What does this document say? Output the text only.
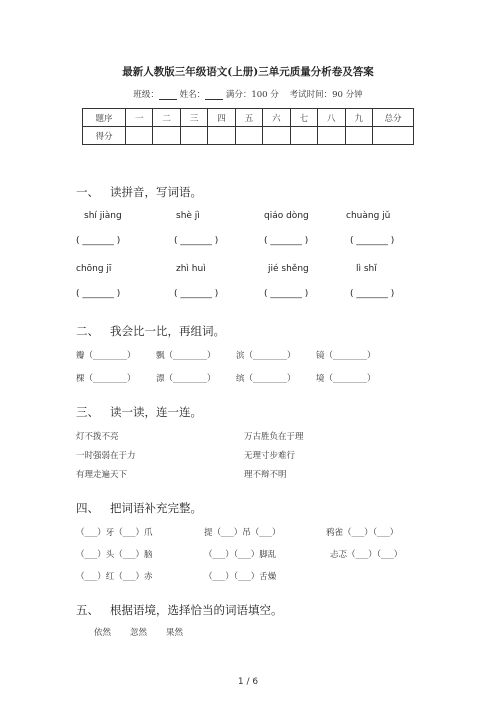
最新人教版三年级语文(上册)三单元质量分析卷及答案
班级： 姓名： 满分：100 分 考试时间：90 分钟
题序	一	二	三	四	五	六	七	八	九	总分
得分										
一、 读拼音，写词语。
shí jiàng	shè jì	qiáo dòng	chuàng jǔ
( _______ )	( _______ )	( _______ )	( _______ )
chōng jī	zhì huì	jié shěng	lì shǐ
( _______ )	( _______ )	( _______ )	( _______ )
二、 我会比一比，再组词。
瓣（________） 飘（________） 滨（________） 镜（________）
棵（________） 漂（________） 缤（________） 境（________）
三、 读一读，连一连。
灯不拨不亮
一时强弱在于力
有理走遍天下
万古胜负在于理
无理寸步难行
理不辩不明
四、 把词语补充完整。
（___）牙（___）爪	提（___）吊（___）	鸦雀（___）（___）
（___）头（___）脑	（___）（___）脚乱	忐忑（___）（___）
（___）红（___）赤	（___）（___）舌燥
五、 根据语境，选择恰当的词语填空。
依然 忽然 果然
1 / 6
